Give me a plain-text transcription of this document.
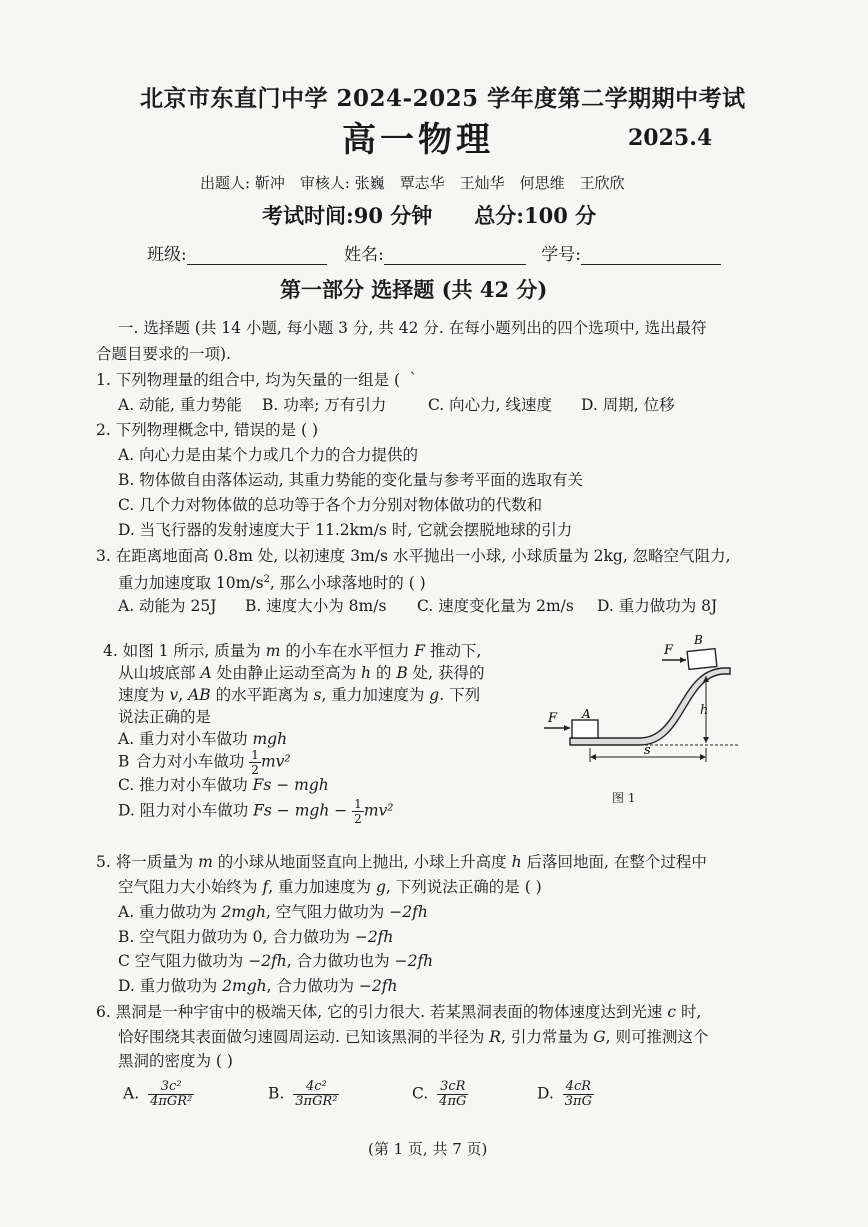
北京市东直门中学 2024-2025 学年度第二学期期中考试
高一物理	2025.4
出题人: 靳冲　审核人: 张巍　覃志华　王灿华　何思维　王欣欣
考试时间:90 分钟　　总分:100 分
班级:	姓名:	学号:
第一部分 选择题 (共 42 分)
一. 选择题 (共 14 小题, 每小题 3 分, 共 42 分. 在每小题列出的四个选项中, 选出最符
合题目要求的一项).
1. 下列物理量的组合中, 均为矢量的一组是 ( ｀
A. 动能, 重力势能 B. 功率; 万有引力	C. 向心力, 线速度 D. 周期, 位移
2. 下列物理概念中, 错误的是 ( )
A. 向心力是由某个力或几个力的合力提供的
B. 物体做自由落体运动, 其重力势能的变化量与参考平面的选取有关
C. 几个力对物体做的总功等于各个力分别对物体做功的代数和
D. 当飞行器的发射速度大于 11.2km/s 时, 它就会摆脱地球的引力
3. 在距离地面高 0.8m 处, 以初速度 3m/s 水平抛出一小球, 小球质量为 2kg, 忽略空气阻力,
重力加速度取 $10m/s^2$, 那么小球落地时的 ( )
A. 动能为 25J B. 速度大小为 8m/s C. 速度变化量为 2m/s D. 重力做功为 8J
4. 如图 1 所示, 质量为 m 的小车在水平恒力 F 推动下,
从山坡底部 A 处由静止运动至高为 h 的 B 处, 获得的
速度为 v, AB 的水平距离为 s, 重力加速度为 g. 下列
说法正确的是
A. 重力对小车做功 mgh
B  合力对小车做功 $\frac{1}{2} mv^2$
C. 推力对小车做功 Fs − mgh
D. 阻力对小车做功 Fs − mgh − $\frac{1}{2} mv^2$
A
F
B
F
h
s
图 1
5. 将一质量为 m 的小球从地面竖直向上抛出, 小球上升高度 h 后落回地面, 在整个过程中
空气阻力大小始终为 f, 重力加速度为 g, 下列说法正确的是 ( )
A. 重力做功为 2mgh, 空气阻力做功为 −2fh
B. 空气阻力做功为 0, 合力做功为 −2fh
C 空气阻力做功为 −2fh, 合力做功也为 −2fh
D. 重力做功为 2mgh, 合力做功为 −2fh
6. 黑洞是一种宇宙中的极端天体, 它的引力很大. 若某黑洞表面的物体速度达到光速 c 时,
恰好围绕其表面做匀速圆周运动. 已知该黑洞的半径为 R, 引力常量为 G, 则可推测这个
黑洞的密度为 ( )
A. $\frac{\text{3c²}}{\text{4πGR²}}$	B. $\frac{\text{4c²}}{\text{3πGR²}}$	C. $\frac{3cR}{4\pi G}$	D. $\frac{4cR}{3\pi G}$
(第 1 页, 共 7 页)
